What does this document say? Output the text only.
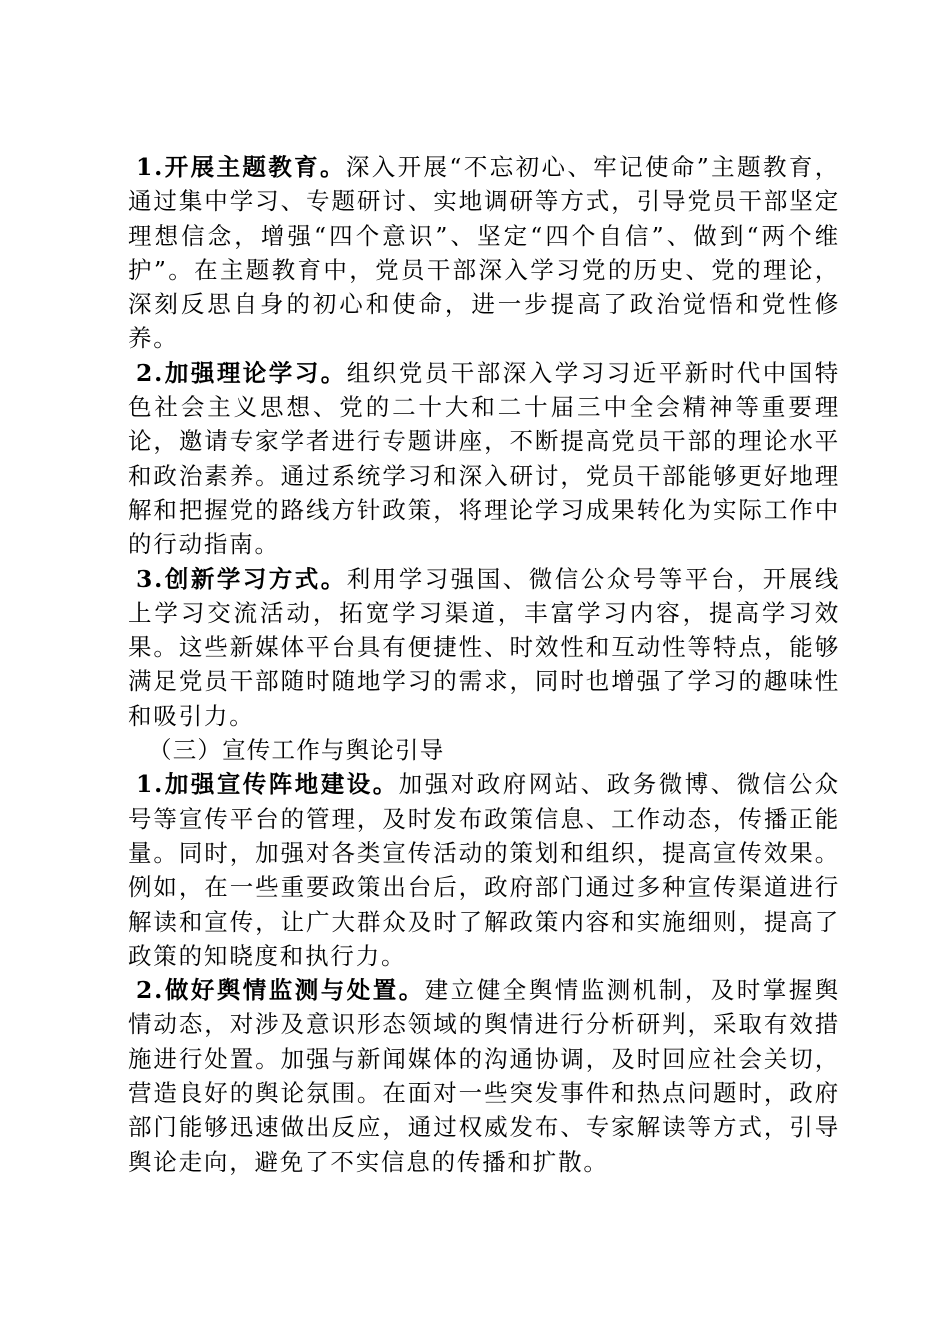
1.开展主题教育。深入开展“不忘初心、牢记使命”主题教育，通过集中学习、专题研讨、实地调研等方式，引导党员干部坚定理想信念，增强“四个意识”、坚定“四个自信”、做到“两个维护”。在主题教育中，党员干部深入学习党的历史、党的理论，深刻反思自身的初心和使命，进一步提高了政治觉悟和党性修养。

2.加强理论学习。组织党员干部深入学习习近平新时代中国特色社会主义思想、党的二十大和二十届三中全会精神等重要理论，邀请专家学者进行专题讲座，不断提高党员干部的理论水平和政治素养。通过系统学习和深入研讨，党员干部能够更好地理解和把握党的路线方针政策，将理论学习成果转化为实际工作中的行动指南。

3.创新学习方式。利用学习强国、微信公众号等平台，开展线上学习交流活动，拓宽学习渠道，丰富学习内容，提高学习效果。这些新媒体平台具有便捷性、时效性和互动性等特点，能够满足党员干部随时随地学习的需求，同时也增强了学习的趣味性和吸引力。

（三）宣传工作与舆论引导

1.加强宣传阵地建设。加强对政府网站、政务微博、微信公众号等宣传平台的管理，及时发布政策信息、工作动态，传播正能量。同时，加强对各类宣传活动的策划和组织，提高宣传效果。例如，在一些重要政策出台后，政府部门通过多种宣传渠道进行解读和宣传，让广大群众及时了解政策内容和实施细则，提高了政策的知晓度和执行力。

2.做好舆情监测与处置。建立健全舆情监测机制，及时掌握舆情动态，对涉及意识形态领域的舆情进行分析研判，采取有效措施进行处置。加强与新闻媒体的沟通协调，及时回应社会关切，营造良好的舆论氛围。在面对一些突发事件和热点问题时，政府部门能够迅速做出反应，通过权威发布、专家解读等方式，引导舆论走向，避免了不实信息的传播和扩散。
